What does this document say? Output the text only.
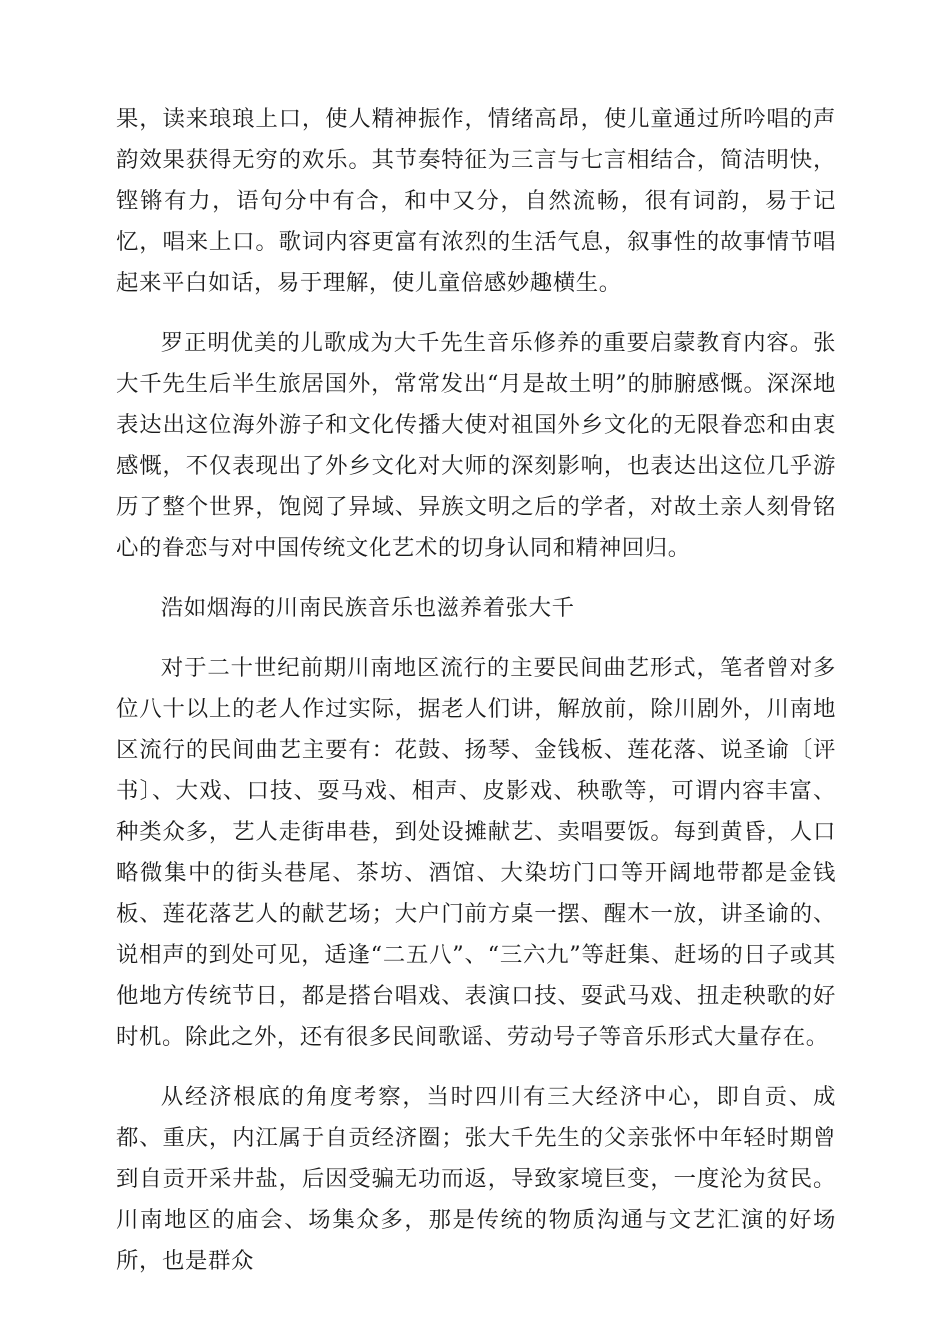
果，读来琅琅上口，使人精神振作，情绪高昂，使儿童通过所吟唱的声韵效果获得无穷的欢乐。其节奏特征为三言与七言相结合，简洁明快，铿锵有力，语句分中有合，和中又分，自然流畅，很有词韵，易于记忆，唱来上口。歌词内容更富有浓烈的生活气息，叙事性的故事情节唱起来平白如话，易于理解，使儿童倍感妙趣横生。

罗正明优美的儿歌成为大千先生音乐修养的重要启蒙教育内容。张大千先生后半生旅居国外，常常发出“月是故土明”的肺腑感慨。深深地表达出这位海外游子和文化传播大使对祖国外乡文化的无限眷恋和由衷感慨，不仅表现出了外乡文化对大师的深刻影响，也表达出这位几乎游历了整个世界，饱阅了异域、异族文明之后的学者，对故土亲人刻骨铭心的眷恋与对中国传统文化艺术的切身认同和精神回归。

浩如烟海的川南民族音乐也滋养着张大千

对于二十世纪前期川南地区流行的主要民间曲艺形式，笔者曾对多位八十以上的老人作过实际，据老人们讲，解放前，除川剧外，川南地区流行的民间曲艺主要有：花鼓、扬琴、金钱板、莲花落、说圣谕〔评书〕、大戏、口技、耍马戏、相声、皮影戏、秧歌等，可谓内容丰富、种类众多，艺人走街串巷，到处设摊献艺、卖唱要饭。每到黄昏，人口略微集中的街头巷尾、茶坊、酒馆、大染坊门口等开阔地带都是金钱板、莲花落艺人的献艺场；大户门前方桌一摆、醒木一放，讲圣谕的、说相声的到处可见，适逢“二五八”、“三六九”等赶集、赶场的日子或其他地方传统节日，都是搭台唱戏、表演口技、耍武马戏、扭走秧歌的好时机。除此之外，还有很多民间歌谣、劳动号子等音乐形式大量存在。

从经济根底的角度考察，当时四川有三大经济中心，即自贡、成都、重庆，内江属于自贡经济圈；张大千先生的父亲张怀中年轻时期曾到自贡开采井盐，后因受骗无功而返，导致家境巨变，一度沦为贫民。川南地区的庙会、场集众多，那是传统的物质沟通与文艺汇演的好场所，也是群众
